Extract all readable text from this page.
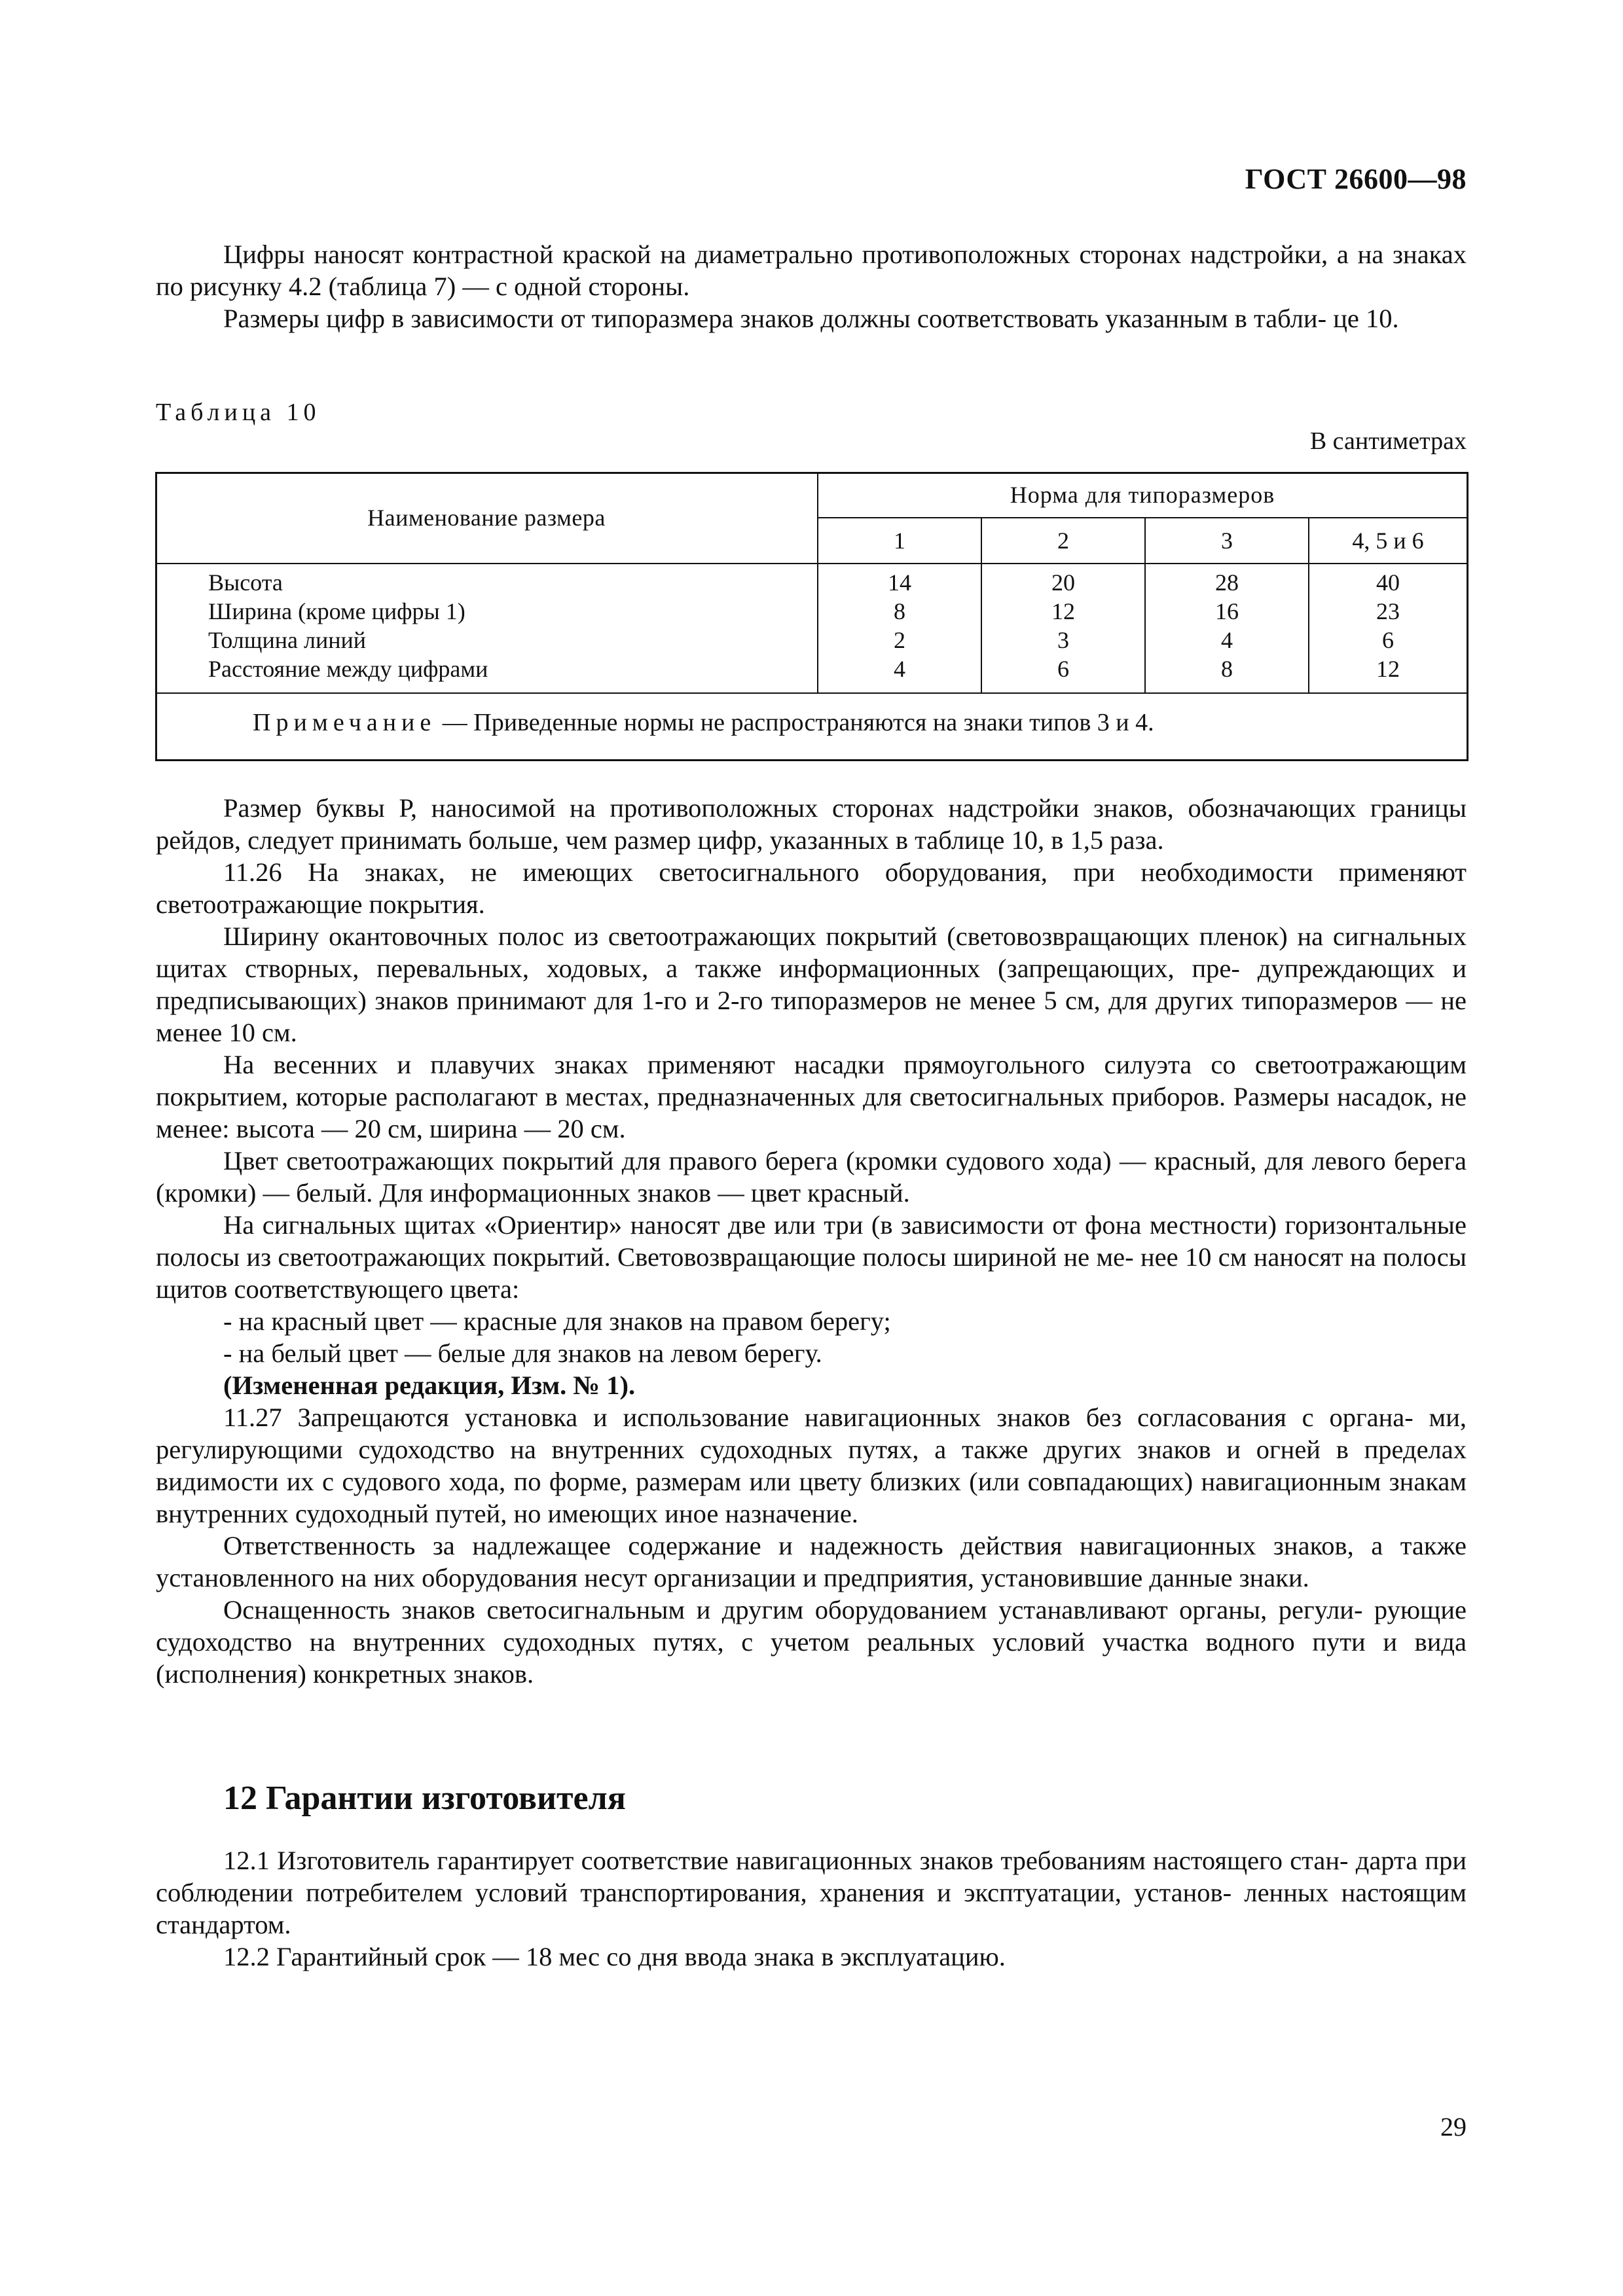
ГОСТ 26600—98

Цифры наносят контрастной краской на диаметрально противоположных сторонах надстройки, а на знаках по рисунку 4.2 (таблица 7) — с одной стороны.

Размеры цифр в зависимости от типоразмера знаков должны соответствовать указанным в табли- це 10.

Таблица 10
В сантиметрах
Наименование размера	Норма для типоразмеров			
	1	2	3	4, 5 и 6
Высота	14	20	28	40
Ширина (кроме цифры 1)	8	12	16	23
Толщина линий	2	3	4	6
Расстояние между цифрами	4	6	8	12
Примечание — Приведенные нормы не распространяются на знаки типов 3 и 4.				

Размер буквы Р, наносимой на противоположных сторонах надстройки знаков, обозначающих границы рейдов, следует принимать больше, чем размер цифр, указанных в таблице 10, в 1,5 раза.

11.26 На знаках, не имеющих светосигнального оборудования, при необходимости применяют светоотражающие покрытия.

Ширину окантовочных полос из светоотражающих покрытий (световозвращающих пленок) на сигнальных щитах створных, перевальных, ходовых, а также информационных (запрещающих, пре- дупреждающих и предписывающих) знаков принимают для 1-го и 2-го типоразмеров не менее 5 см, для других типоразмеров — не менее 10 см.

На весенних и плавучих знаках применяют насадки прямоугольного силуэта со светоотражающим покрытием, которые располагают в местах, предназначенных для светосигнальных приборов. Размеры насадок, не менее: высота — 20 см, ширина — 20 см.

Цвет светоотражающих покрытий для правого берега (кромки судового хода) — красный, для левого берега (кромки) — белый. Для информационных знаков — цвет красный.

На сигнальных щитах «Ориентир» наносят две или три (в зависимости от фона местности) горизонтальные полосы из светоотражающих покрытий. Световозвращающие полосы шириной не ме- нее 10 см наносят на полосы щитов соответствующего цвета:

- на красный цвет — красные для знаков на правом берегу;

- на белый цвет — белые для знаков на левом берегу.

(Измененная редакция, Изм. № 1).

11.27 Запрещаются установка и использование навигационных знаков без согласования с органа- ми, регулирующими судоходство на внутренних судоходных путях, а также других знаков и огней в пределах видимости их с судового хода, по форме, размерам или цвету близких (или совпадающих) навигационным знакам внутренних судоходный путей, но имеющих иное назначение.

Ответственность за надлежащее содержание и надежность действия навигационных знаков, а также установленного на них оборудования несут организации и предприятия, установившие данные знаки.

Оснащенность знаков светосигнальным и другим оборудованием устанавливают органы, регули- рующие судоходство на внутренних судоходных путях, с учетом реальных условий участка водного пути и вида (исполнения) конкретных знаков.

12 Гарантии изготовителя

12.1 Изготовитель гарантирует соответствие навигационных знаков требованиям настоящего стан- дарта при соблюдении потребителем условий транспортирования, хранения и эксптуатации, установ- ленных настоящим стандартом.

12.2 Гарантийный срок — 18 мес со дня ввода знака в эксплуатацию.

29
